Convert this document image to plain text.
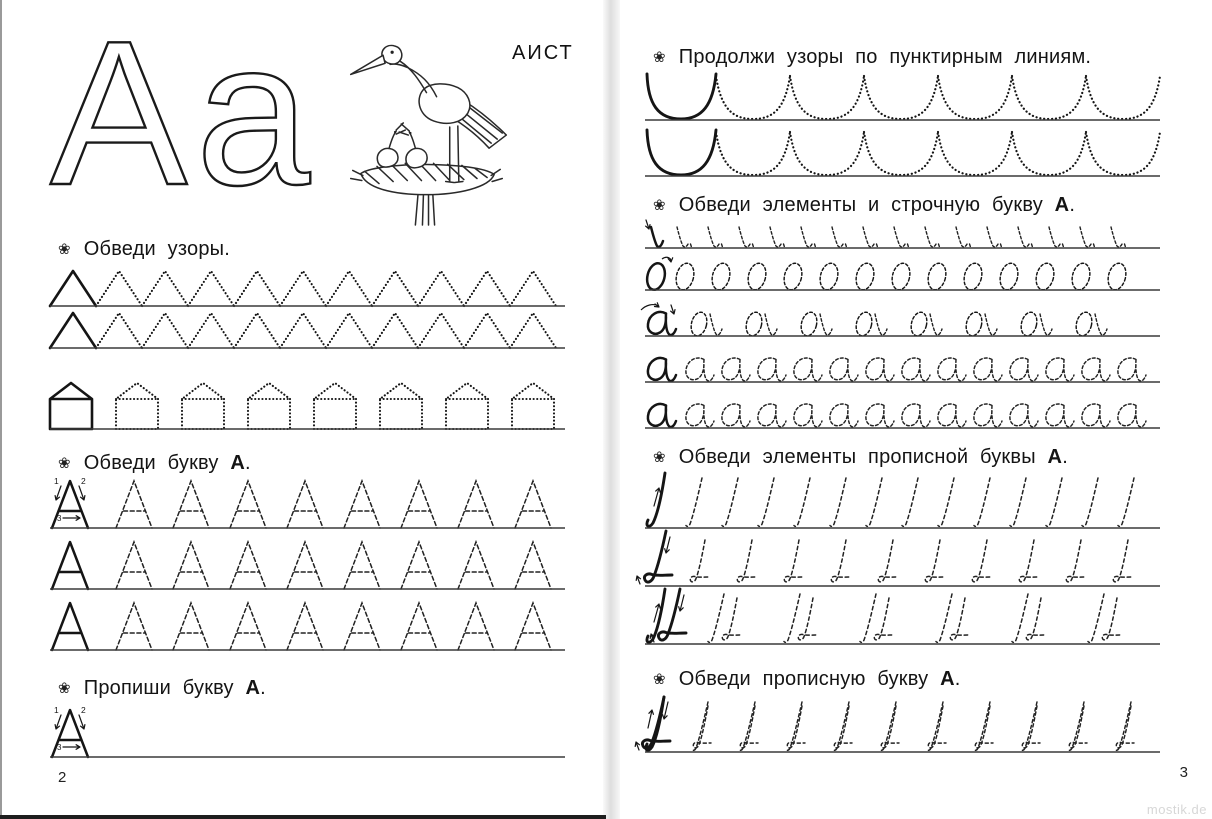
Аа	АИСТ
❀ Обведи узоры.
❀ Обведи букву А.
1	2
3
❀ Пропиши букву А.
1	2
3
2
❀ Продолжи узоры по пунктирным линиям.
❀ Обведи элементы и строчную букву А.
❀ Обведи элементы прописной буквы А.
❀ Обведи прописную букву А.
3
mostik.de
